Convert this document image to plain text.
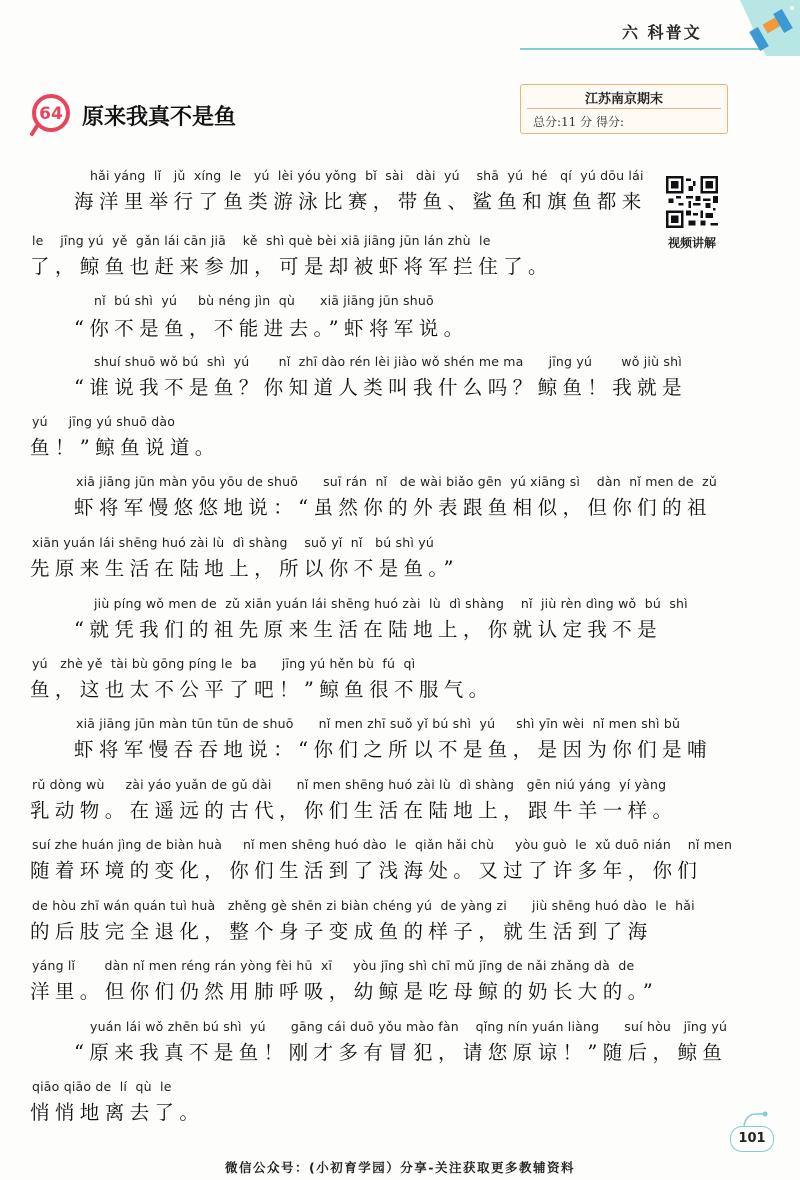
六 科普文
64 原来我真不是鱼
江苏南京期末
总分:11 分 得分:
视频讲解
hǎi yáng  lǐ   jǔ  xíng  le   yú  lèi yóu yǒng  bǐ  sài   dài  yú    shā  yú  hé   qí  yú dōu lái
海洋里举行了鱼类游泳比赛，带鱼、鲨鱼和旗鱼都来
le    jīng yú  yě  gǎn lái cān jiā    kě  shì què bèi xiā jiāng jūn lán zhù  le
了，鲸鱼也赶来参加，可是却被虾将军拦住了。
nǐ  bú shì  yú     bù néng jìn  qù      xiā jiāng jūn shuō
“你不是鱼，不能进去。”虾将军说。
shuí shuō wǒ bú  shì  yú       nǐ  zhī dào rén lèi jiào wǒ shén me ma      jīng yú       wǒ jiù shì
“谁说我不是鱼？你知道人类叫我什么吗？鲸鱼！我就是
yú     jīng yú shuō dào
鱼！”鲸鱼说道。
xiā jiāng jūn màn yōu yōu de shuō      suī rán  nǐ   de wài biǎo gēn  yú xiāng sì    dàn  nǐ men de  zǔ
虾将军慢悠悠地说：“虽然你的外表跟鱼相似，但你们的祖
xiān yuán lái shēng huó zài lù  dì shàng    suǒ yǐ  nǐ   bú shì yú
先原来生活在陆地上，所以你不是鱼。”
jiù píng wǒ men de  zǔ xiān yuán lái shēng huó zài  lù  dì shàng    nǐ  jiù rèn dìng wǒ  bú  shì
“就凭我们的祖先原来生活在陆地上，你就认定我不是
yú   zhè yě  tài bù gōng píng le  ba      jīng yú hěn bù  fú  qì
鱼，这也太不公平了吧！”鲸鱼很不服气。
xiā jiāng jūn màn tūn tūn de shuō      nǐ men zhī suǒ yǐ bú shì  yú     shì yīn wèi  nǐ men shì bǔ
虾将军慢吞吞地说：“你们之所以不是鱼，是因为你们是哺
rǔ dòng wù     zài yáo yuǎn de gǔ dài      nǐ men shēng huó zài lù  dì shàng   gēn niú yáng  yí yàng
乳动物。在遥远的古代，你们生活在陆地上，跟牛羊一样。
suí zhe huán jìng de biàn huà     nǐ men shēng huó dào  le  qiǎn hǎi chù     yòu guò  le  xǔ duō nián    nǐ men
随着环境的变化，你们生活到了浅海处。又过了许多年，你们
de hòu zhī wán quán tuì huà   zhěng gè shēn zi biàn chéng yú  de yàng zi      jiù shēng huó dào  le  hǎi
的后肢完全退化，整个身子变成鱼的样子，就生活到了海
yáng lǐ       dàn nǐ men réng rán yòng fèi hū  xī     yòu jīng shì chī mǔ jīng de nǎi zhǎng dà  de
洋里。但你们仍然用肺呼吸，幼鲸是吃母鲸的奶长大的。”
yuán lái wǒ zhēn bú shì  yú      gāng cái duō yǒu mào fàn    qǐng nín yuán liàng      suí hòu   jīng yú
“原来我真不是鱼！刚才多有冒犯，请您原谅！”随后，鲸鱼
qiāo qiāo de  lí  qù  le
悄悄地离去了。
101
微信公众号：(小初育学园）分享-关注获取更多教辅资料
